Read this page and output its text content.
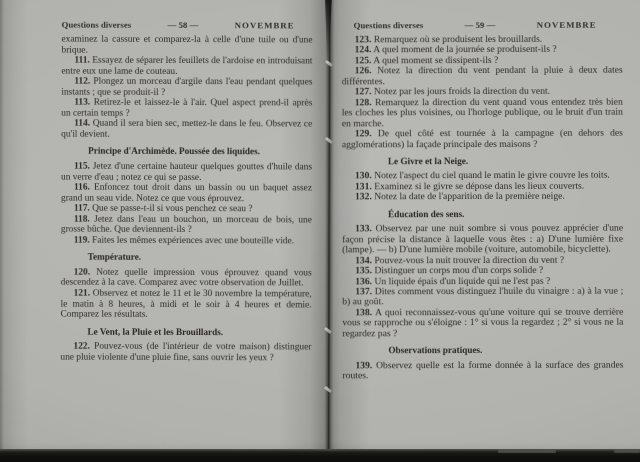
Questions diverses	— 58 —	NOVEMBRE

examinez la cassure et comparez-la à celle d'une tuile ou d'une brique.

111. Essayez de séparer les feuillets de l'ardoise en introduisant entre eux une lame de couteau.

112. Plongez un morceau d'argile dans l'eau pendant quelques instants ; que se produit-il ?

113. Retirez-le et laissez-le à l'air. Quel aspect prend-il après un certain temps ?

114. Quand il sera bien sec, mettez-le dans le feu. Observez ce qu'il devient.

Principe d'Archimède. Poussée des liquides.

115. Jetez d'une certaine hauteur quelques gouttes d'huile dans un verre d'eau ; notez ce qui se passe.

116. Enfoncez tout droit dans un bassin ou un baquet assez grand un seau vide. Notez ce que vous éprouvez.

117. Que se passe-t-il si vous penchez ce seau ?

118. Jetez dans l'eau un bouchon, un morceau de bois, une grosse bûche. Que deviennent-ils ?

119. Faites les mêmes expériences avec une bouteille vide.

Température.

120. Notez quelle impression vous éprouvez quand vous descendez à la cave. Comparez avec votre observation de Juillet.

121. Observez et notez le 11 et le 30 novembre la température, le matin à 8 heures, à midi et le soir à 4 heures et demie. Comparez les résultats.

Le Vent, la Pluie et les Brouillards.

122. Pouvez-vous (de l'intérieur de votre maison) distinguer une pluie violente d'une pluie fine, sans ouvrir les yeux ?

Questions diverses	— 59 —	NOVEMBRE

123. Remarquez où se produisent les brouillards.

124. A quel moment de la journée se produisent-ils ?

125. A quel moment se dissipent-ils ?

126. Notez la direction du vent pendant la pluie à deux dates différentes.

127. Notez par les jours froids la direction du vent.

128. Remarquez la direction du vent quand vous entendez très bien les cloches les plus voisines, ou l'horloge publique, ou le bruit d'un train en marche.

129. De quel côté est tournée à la campagne (en dehors des agglomérations) la façade principale des maisons ?

Le Givre et la Neige.

130. Notez l'aspect du ciel quand le matin le givre couvre les toits.

131. Examinez si le givre se dépose dans les lieux couverts.

132. Notez la date de l'apparition de la première neige.

Éducation des sens.

133. Observez par une nuit sombre si vous pouvez apprécier d'une façon précise la distance à laquelle vous êtes : a) D'une lumière fixe (lampe). — b) D'une lumière mobile (voiture, automobile, bicyclette).

134. Pouvez-vous la nuit trouver la direction du vent ?

135. Distinguer un corps mou d'un corps solide ?

136. Un liquide épais d'un liquide qui ne l'est pas ?

137. Dites comment vous distinguez l'huile du vinaigre : a) à la vue ; b) au goût.

138. A quoi reconnaissez-vous qu'une voiture qui se trouve derrière vous se rapproche ou s'éloigne : 1° si vous la regardez ; 2° si vous ne la regardez pas ?

Observations pratiques.

139. Observez quelle est la forme donnée à la surface des grandes routes.
